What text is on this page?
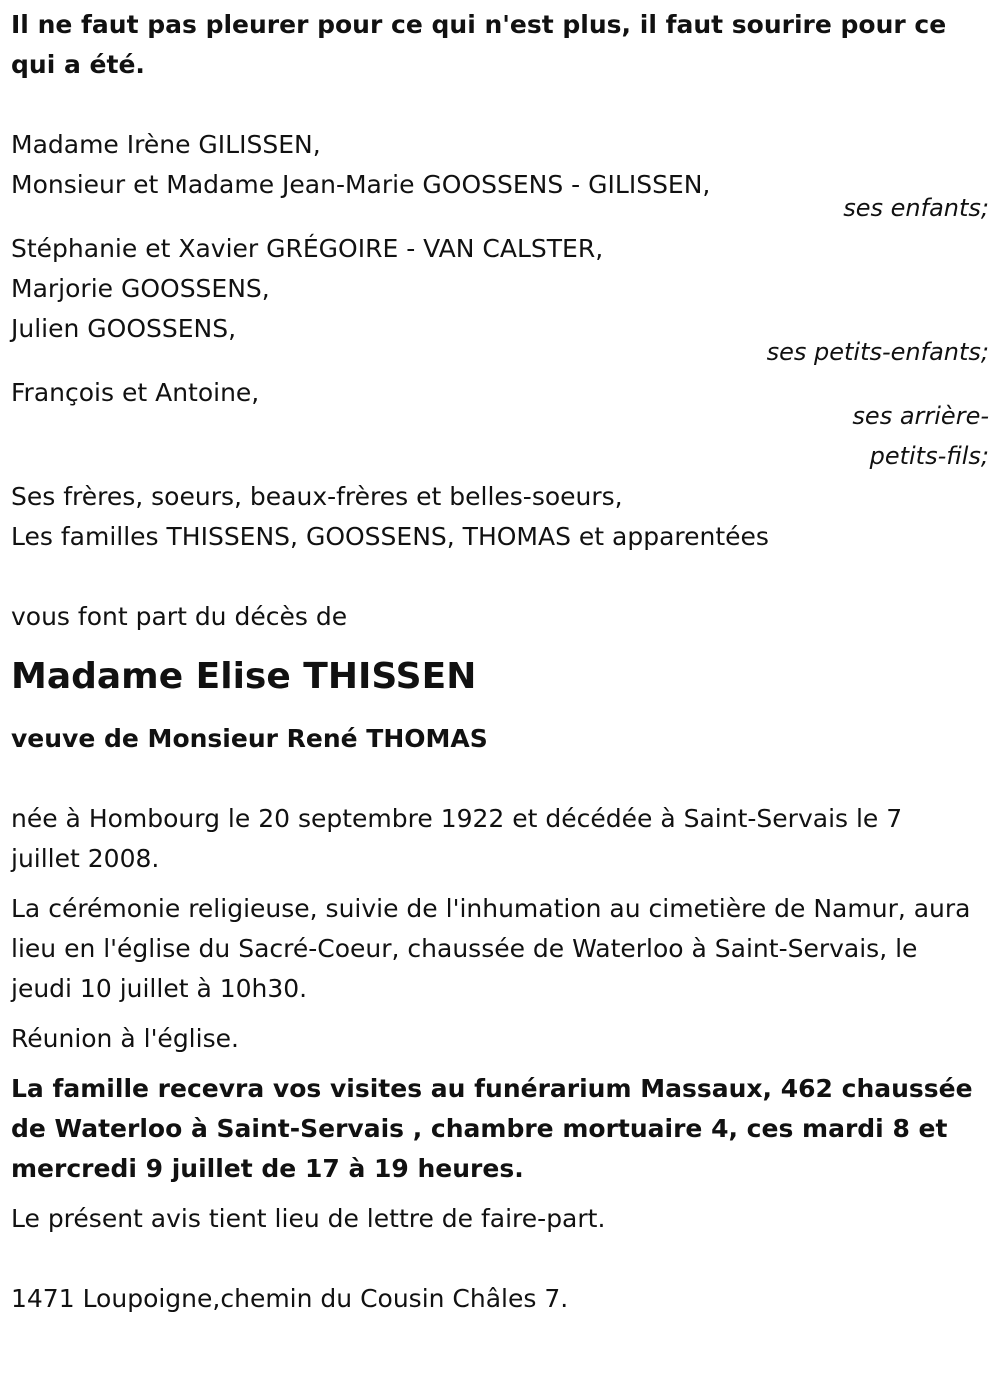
Il ne faut pas pleurer pour ce qui n'est plus, il faut sourire pour ce qui a été.
Madame Irène GILISSEN,
Monsieur et Madame Jean-Marie GOOSSENS - GILISSEN,
ses enfants;
Stéphanie et Xavier GRÉGOIRE - VAN CALSTER,
Marjorie GOOSSENS,
Julien GOOSSENS,
ses petits-enfants;
François et Antoine,
ses arrière-
petits-fils;
Ses frères, soeurs, beaux-frères et belles-soeurs,
Les familles THISSENS, GOOSSENS, THOMAS et apparentées
vous font part du décès de
Madame Elise THISSEN
veuve de Monsieur René THOMAS
née à Hombourg le 20 septembre 1922 et décédée à Saint-Servais le 7 juillet 2008.
La cérémonie religieuse, suivie de l'inhumation au cimetière de Namur, aura lieu en l'église du Sacré-Coeur, chaussée de Waterloo à Saint-Servais, le jeudi 10 juillet à 10h30.
Réunion à l'église.
La famille recevra vos visites au funérarium Massaux, 462 chaussée de Waterloo à Saint-Servais , chambre mortuaire 4, ces mardi 8 et mercredi 9 juillet de 17 à 19 heures.
Le présent avis tient lieu de lettre de faire-part.
1471 Loupoigne,chemin du Cousin Châles 7.
